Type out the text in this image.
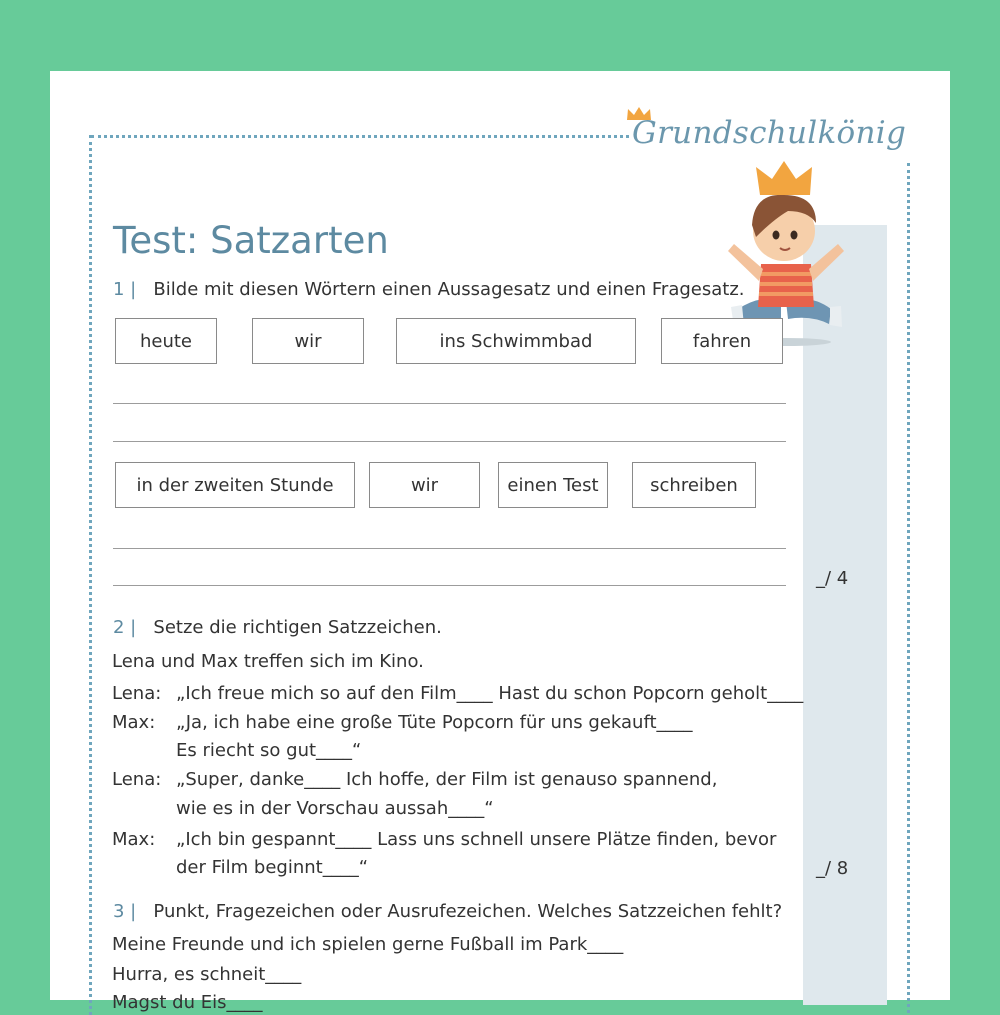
Grundschulkönig
Test: Satzarten
1 | Bilde mit diesen Wörtern einen Aussagesatz und einen Fragesatz.
heute	wir	ins Schwimmbad	fahren
in der zweiten Stunde	wir	einen Test	schreiben
_/ 4
2 | Setze die richtigen Satzzeichen.
Lena und Max treffen sich im Kino.
Lena: „Ich freue mich so auf den Film____ Hast du schon Popcorn geholt____
Max: „Ja, ich habe eine große Tüte Popcorn für uns gekauft____
Es riecht so gut____“
Lena: „Super, danke____ Ich hoffe, der Film ist genauso spannend,
wie es in der Vorschau aussah____“
Max: „Ich bin gespannt____ Lass uns schnell unsere Plätze finden, bevor
der Film beginnt____“	_/ 8
3 | Punkt, Fragezeichen oder Ausrufezeichen. Welches Satzzeichen fehlt?
Meine Freunde und ich spielen gerne Fußball im Park____
Hurra, es schneit____
Magst du Eis____
